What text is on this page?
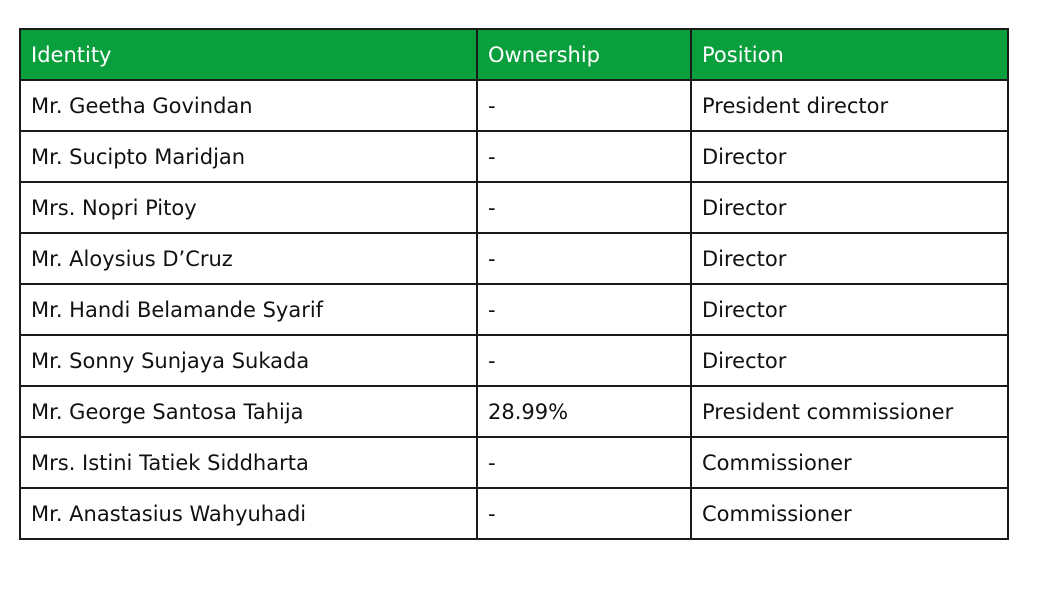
Identity	Ownership	Position
Mr. Geetha Govindan	-	President director
Mr. Sucipto Maridjan	-	Director
Mrs. Nopri Pitoy	-	Director
Mr. Aloysius D’Cruz	-	Director
Mr. Handi Belamande Syarif	-	Director
Mr. Sonny Sunjaya Sukada	-	Director
Mr. George Santosa Tahija	28.99%	President commissioner
Mrs. Istini Tatiek Siddharta	-	Commissioner
Mr. Anastasius Wahyuhadi	-	Commissioner
